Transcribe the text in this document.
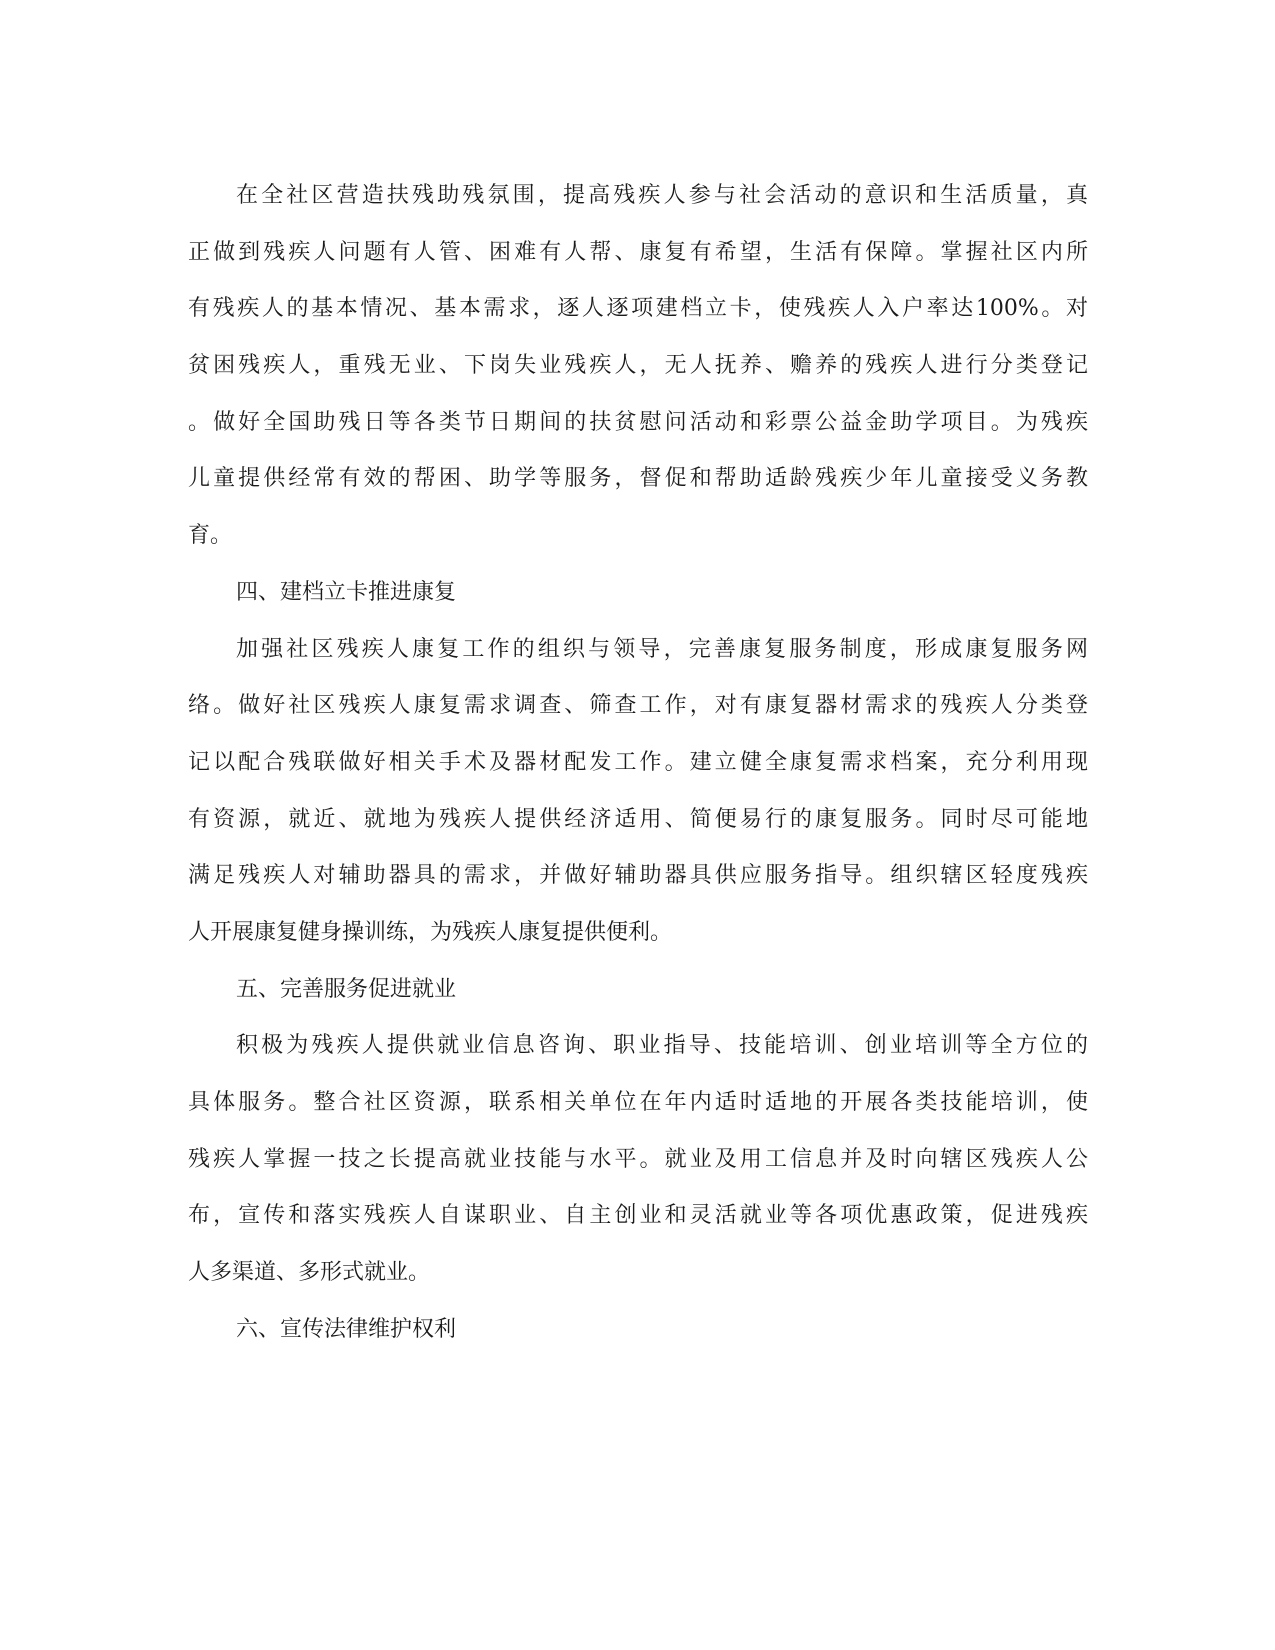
在全社区营造扶残助残氛围，提高残疾人参与社会活动的意识和生活质量，真
正做到残疾人问题有人管、困难有人帮、康复有希望，生活有保障。掌握社区内所
有残疾人的基本情况、基本需求，逐人逐项建档立卡，使残疾人入户率达100%。对
贫困残疾人，重残无业、下岗失业残疾人，无人抚养、赡养的残疾人进行分类登记
。做好全国助残日等各类节日期间的扶贫慰问活动和彩票公益金助学项目。为残疾
儿童提供经常有效的帮困、助学等服务，督促和帮助适龄残疾少年儿童接受义务教
育。
四、建档立卡推进康复
加强社区残疾人康复工作的组织与领导，完善康复服务制度，形成康复服务网
络。做好社区残疾人康复需求调查、筛查工作，对有康复器材需求的残疾人分类登
记以配合残联做好相关手术及器材配发工作。建立健全康复需求档案，充分利用现
有资源，就近、就地为残疾人提供经济适用、简便易行的康复服务。同时尽可能地
满足残疾人对辅助器具的需求，并做好辅助器具供应服务指导。组织辖区轻度残疾
人开展康复健身操训练，为残疾人康复提供便利。
五、完善服务促进就业
积极为残疾人提供就业信息咨询、职业指导、技能培训、创业培训等全方位的
具体服务。整合社区资源，联系相关单位在年内适时适地的开展各类技能培训，使
残疾人掌握一技之长提高就业技能与水平。就业及用工信息并及时向辖区残疾人公
布，宣传和落实残疾人自谋职业、自主创业和灵活就业等各项优惠政策，促进残疾
人多渠道、多形式就业。
六、宣传法律维护权利
